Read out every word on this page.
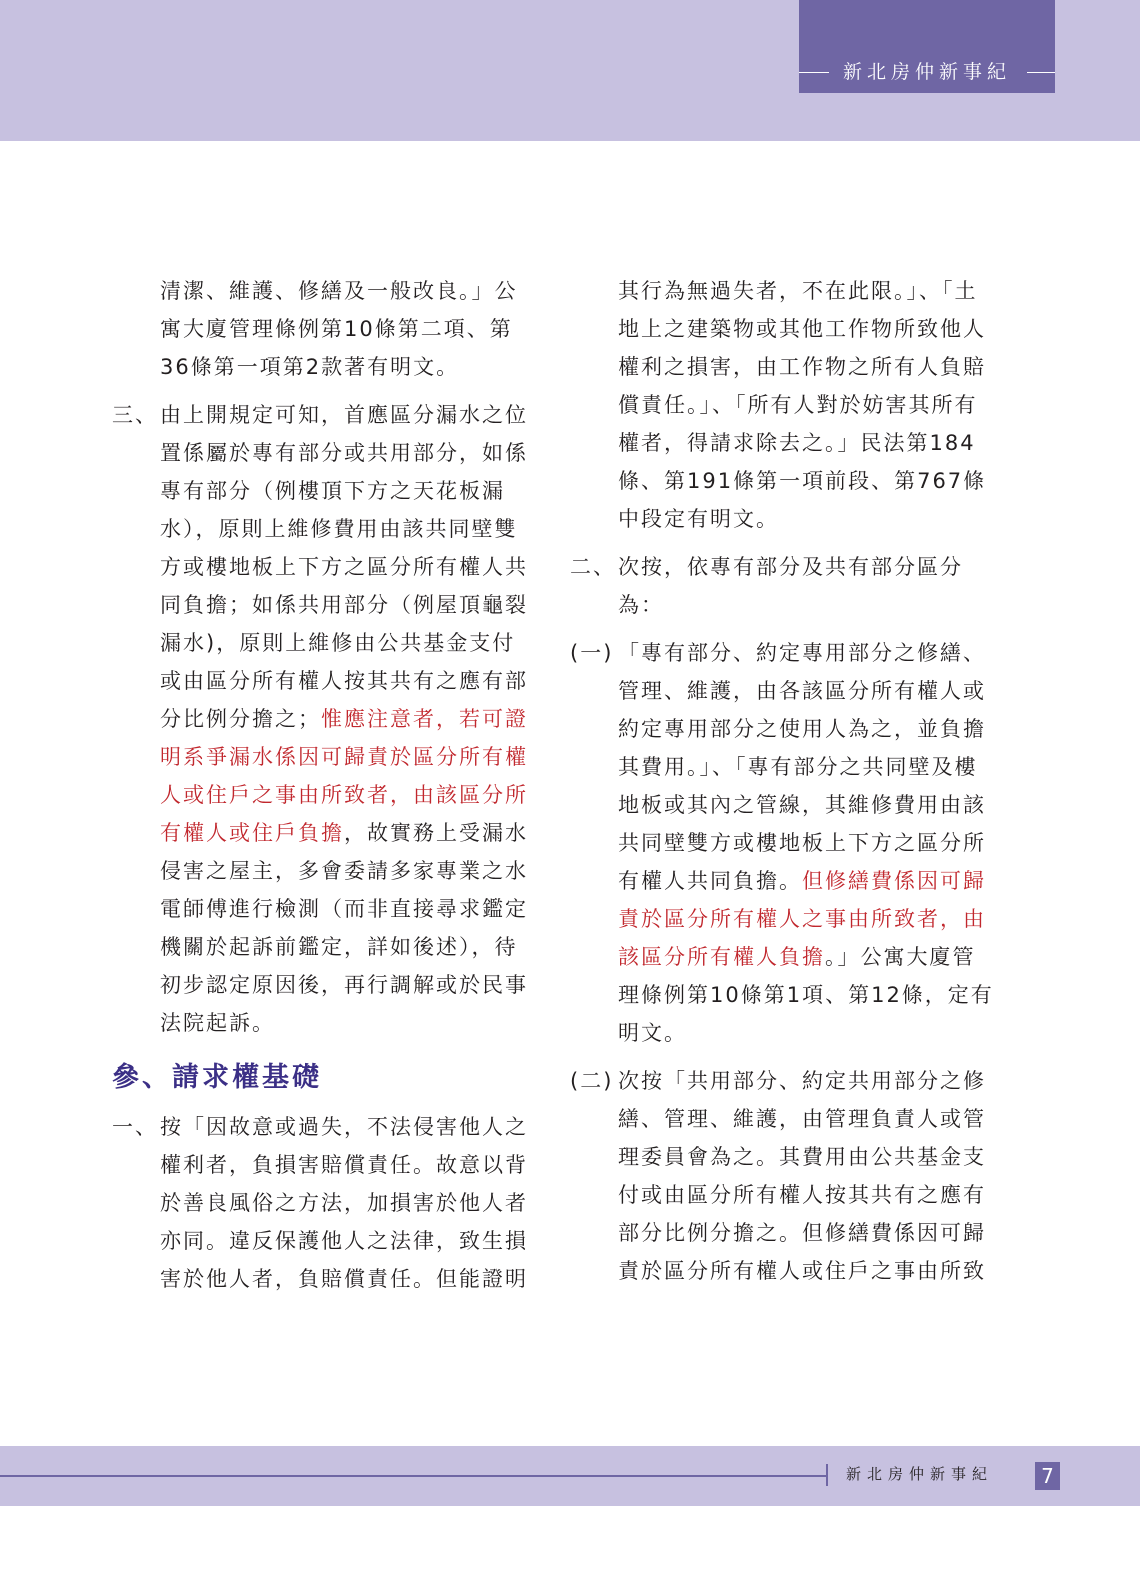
新北房仲新事紀
清潔、維護、修繕及一般改良。」公寓大廈管理條例第10條第二項、第36條第一項第2款著有明文。
三、 由上開規定可知，首應區分漏水之位置係屬於專有部分或共用部分，如係專有部分（例樓頂下方之天花板漏水），原則上維修費用由該共同壁雙方或樓地板上下方之區分所有權人共同負擔；如係共用部分（例屋頂龜裂漏水)，原則上維修由公共基金支付或由區分所有權人按其共有之應有部分比例分擔之；惟應注意者，若可證明系爭漏水係因可歸責於區分所有權人或住戶之事由所致者，由該區分所有權人或住戶負擔，故實務上受漏水侵害之屋主，多會委請多家專業之水電師傅進行檢測（而非直接尋求鑑定機關於起訴前鑑定，詳如後述），待初步認定原因後，再行調解或於民事法院起訴。
參、請求權基礎
一、 按「因故意或過失，不法侵害他人之權利者，負損害賠償責任。故意以背於善良風俗之方法，加損害於他人者亦同。違反保護他人之法律，致生損害於他人者，負賠償責任。但能證明
其行為無過失者，不在此限。」、「土地上之建築物或其他工作物所致他人權利之損害，由工作物之所有人負賠償責任。」、「所有人對於妨害其所有權者，得請求除去之。」民法第184條、第191條第一項前段、第767條中段定有明文。
二、 次按，依專有部分及共有部分區分為：
(一) 「專有部分、約定專用部分之修繕、管理、維護，由各該區分所有權人或約定專用部分之使用人為之，並負擔其費用。」、「專有部分之共同壁及樓地板或其內之管線，其維修費用由該共同壁雙方或樓地板上下方之區分所有權人共同負擔。但修繕費係因可歸責於區分所有權人之事由所致者，由該區分所有權人負擔。」公寓大廈管理條例第10條第1項、第12條，定有明文。
(二) 次按「共用部分、約定共用部分之修繕、管理、維護，由管理負責人或管理委員會為之。其費用由公共基金支付或由區分所有權人按其共有之應有部分比例分擔之。但修繕費係因可歸責於區分所有權人或住戶之事由所致
新北房仲新事紀	7
